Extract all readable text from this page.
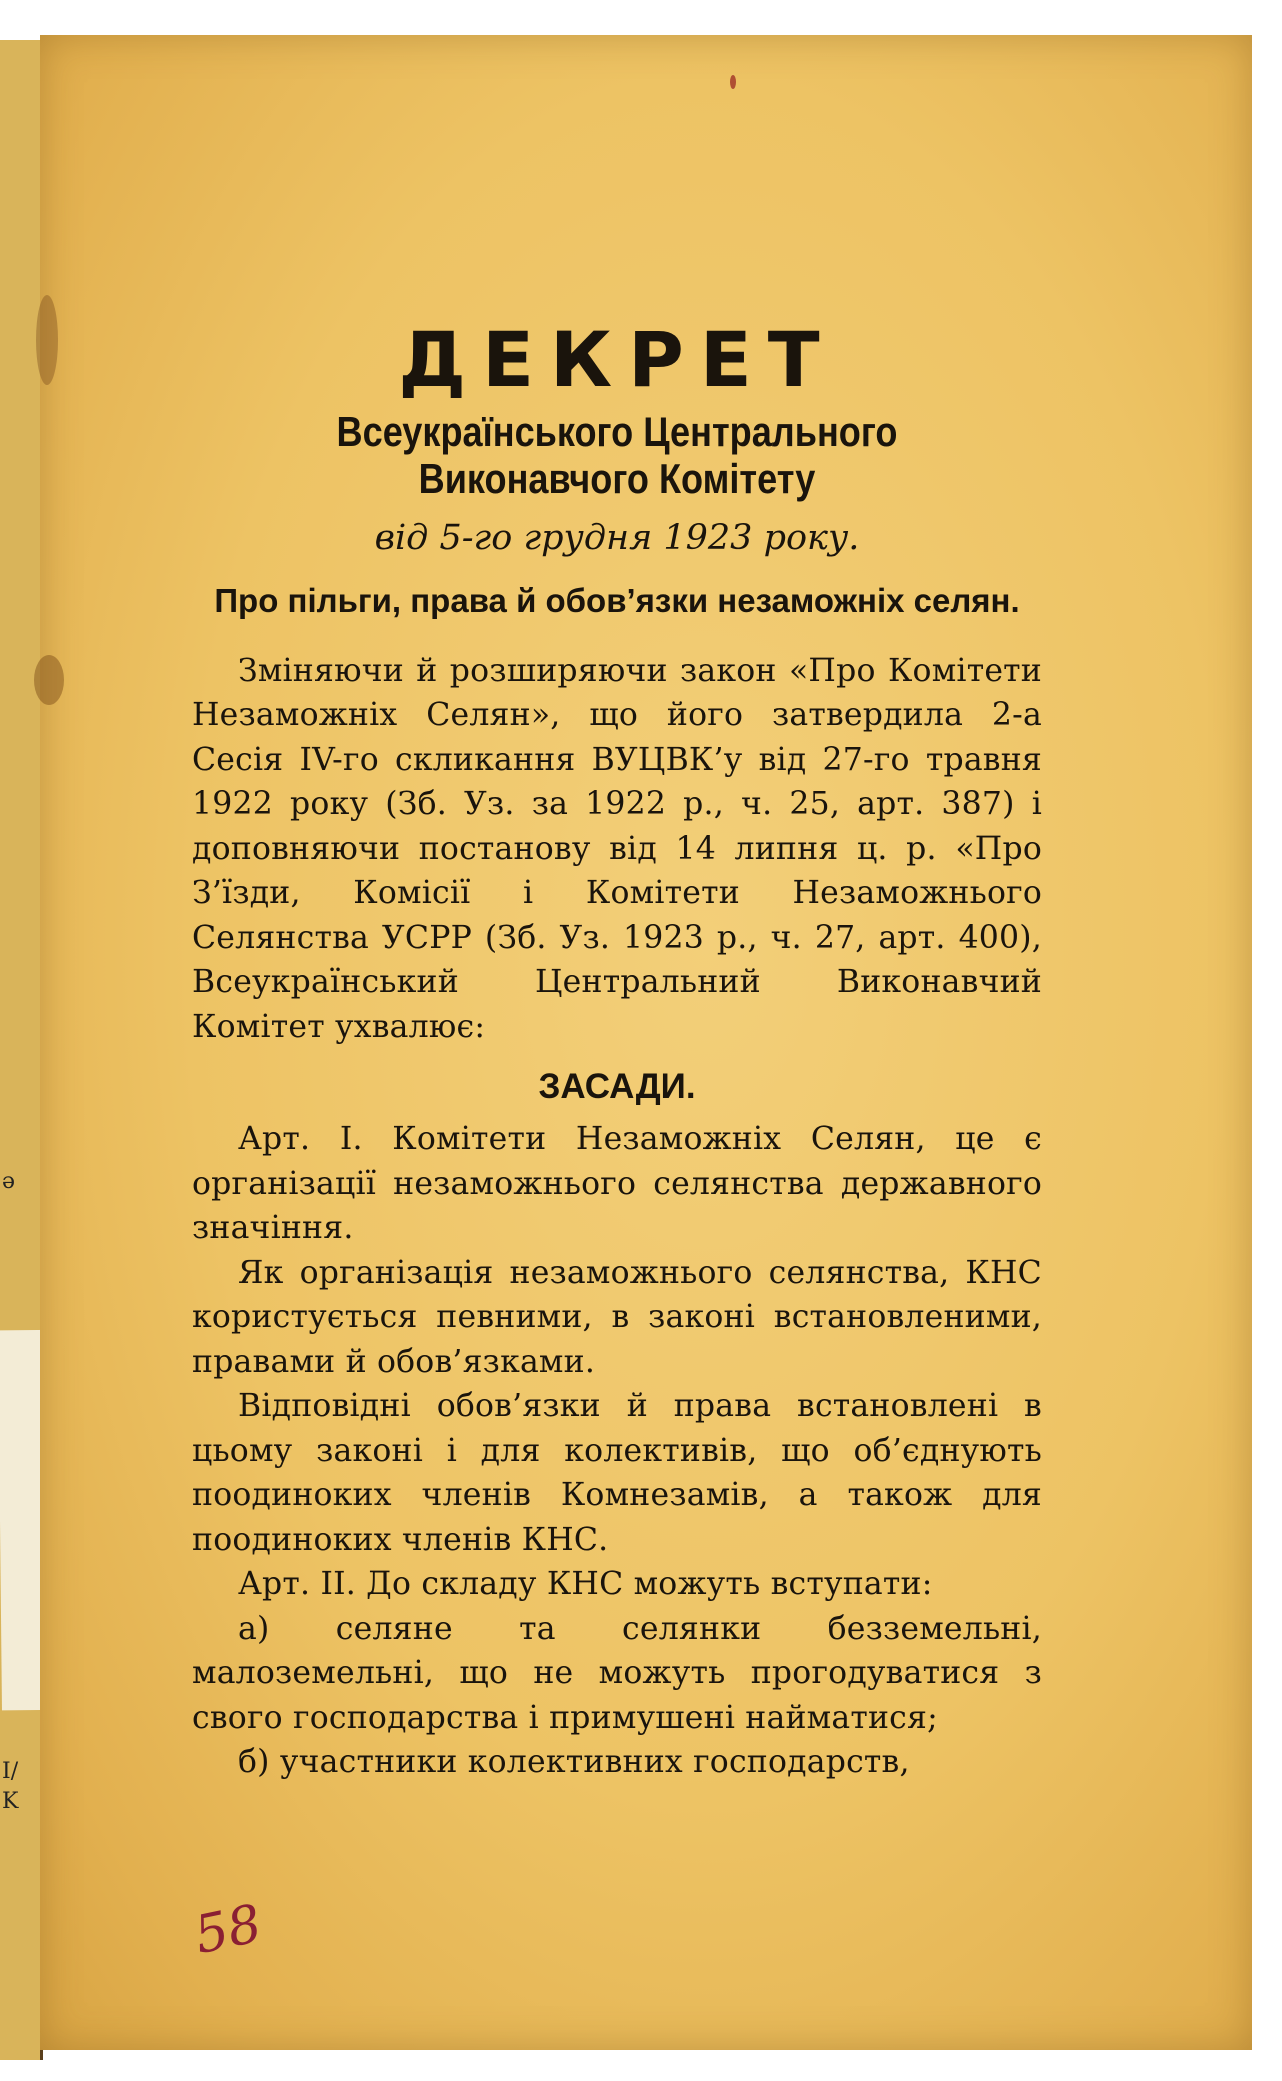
ə
I/
K
ДЕКРЕТ
Всеукраїнського Центрального Виконавчого Комітету
від 5-го грудня 1923 року.
Про пільги, права й обов’язки незаможніх селян.

Зміняючи й розширяючи закон «Про Комітети Незаможніх Селян», що його затвердила 2-а Сесія ІV-го скликання ВУЦВК’у від 27-го травня 1922 року (Зб. Уз. за 1922 р., ч. 25, арт. 387) і доповняючи постанову від 14 липня ц. р. «Про З’їзди, Комісії і Комітети Незаможнього Селянства УСРР (Зб. Уз. 1923 р., ч. 27, арт. 400), Всеукраїнський Центральний Виконавчий Комітет ухвалює:

ЗАСАДИ.

Арт. І. Комітети Незаможніх Селян, це є організації незаможнього селянства державного значіння.

Як організація незаможнього селянства, КНС користується певними, в законі встановленими, правами й обов’язками.

Відповідні обов’язки й права встановлені в цьому законі і для колективів, що об’єднують поодиноких членів Комнезамів, а також для поодиноких членів КНС.

Арт. II. До складу КНС можуть вступати:

а) селяне та селянки безземельні, малоземельні, що не можуть прогодуватися з свого господарства і примушені найматися;

б) участники колективних господарств,

58
